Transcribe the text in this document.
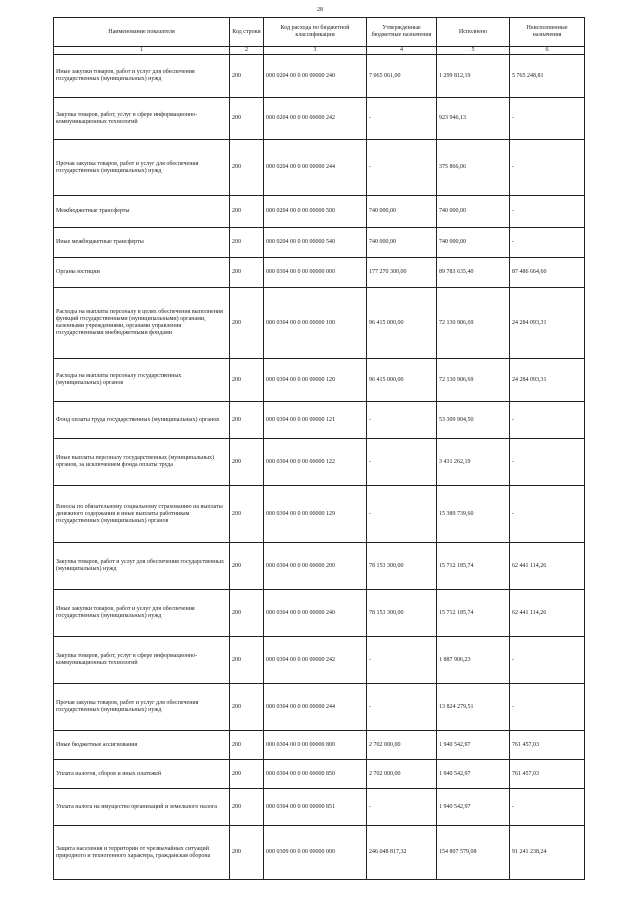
28
Наименование показателя	Код строки	Код расхода по бюджетной классификации	Утвержденные бюджетные назначения	Исполнено	Неисполненные назначения
1	2	3	4	5	6
Иные закупки товаров, работ и услуг для обеспечения государственных (муниципальных) нужд	200	000 0204 00 0 00 00000 240	7 065 061,00	1 299 812,19	5 765 248,81
Закупка товаров, работ, услуг в сфере информационно-коммуникационных технологий	200	000 0204 00 0 00 00000 242	-	923 946,13	-
Прочая закупка товаров, работ и услуг для обеспечения государственных (муниципальных) нужд	200	000 0204 00 0 00 00000 244	-	375 866,06	-
Межбюджетные трансферты	200	000 0204 00 0 00 00000 500	740 000,00	740 000,00	-
Иные межбюджетные трансферты	200	000 0204 00 0 00 00000 540	740 000,00	740 000,00	-
Органы юстиции	200	000 0304 00 0 00 00000 000	177 270 300,00	89 783 635,40	87 486 664,60
Расходы на выплаты персоналу в целях обеспечения выполнения функций государственными (муниципальными) органами, казенными учреждениями, органами управления государственными внебюджетными фондами	200	000 0304 00 0 00 00000 100	96 415 000,00	72 130 906,69	24 284 093,31
Расходы на выплаты персоналу государственных (муниципальных) органов	200	000 0304 00 0 00 00000 120	96 415 000,00	72 130 906,69	24 284 093,31
Фонд оплаты труда государственных (муниципальных) органов	200	000 0304 00 0 00 00000 121	-	53 309 904,50	-
Иные выплаты персоналу государственных (муниципальных) органов, за исключением фонда оплаты труда	200	000 0304 00 0 00 00000 122	-	3 431 262,19	-
Взносы по обязательному социальному страхованию на выплаты денежного содержания и иные выплаты работникам государственных (муниципальных) органов	200	000 0304 00 0 00 00000 129	-	15 389 739,60	-
Закупка товаров, работ и услуг для обеспечения государственных (муниципальных) нужд	200	000 0304 00 0 00 00000 200	78 153 300,00	15 712 185,74	62 441 114,26
Иные закупки товаров, работ и услуг для обеспечения государственных (муниципальных) нужд	200	000 0304 00 0 00 00000 240	78 153 300,00	15 712 185,74	62 441 114,26
Закупка товаров, работ, услуг в сфере информационно-коммуникационных технологий	200	000 0304 00 0 00 00000 242	-	1 887 906,23	-
Прочая закупка товаров, работ и услуг для обеспечения государственных (муниципальных) нужд	200	000 0304 00 0 00 00000 244	-	13 824 279,51	-
Иные бюджетные ассигнования	200	000 0304 00 0 00 00000 800	2 702 000,00	1 940 542,97	761 457,03
Уплата налогов, сборов и иных платежей	200	000 0304 00 0 00 00000 850	2 702 000,00	1 940 542,97	761 457,03
Уплата налога на имущество организаций и земельного налога	200	000 0304 00 0 00 00000 851	-	1 940 542,97	-
Защита населения и территории от чрезвычайных ситуаций природного и техногенного характера, гражданская оборона	200	000 0309 00 0 00 00000 000	246 048 817,32	154 807 579,08	91 241 238,24
